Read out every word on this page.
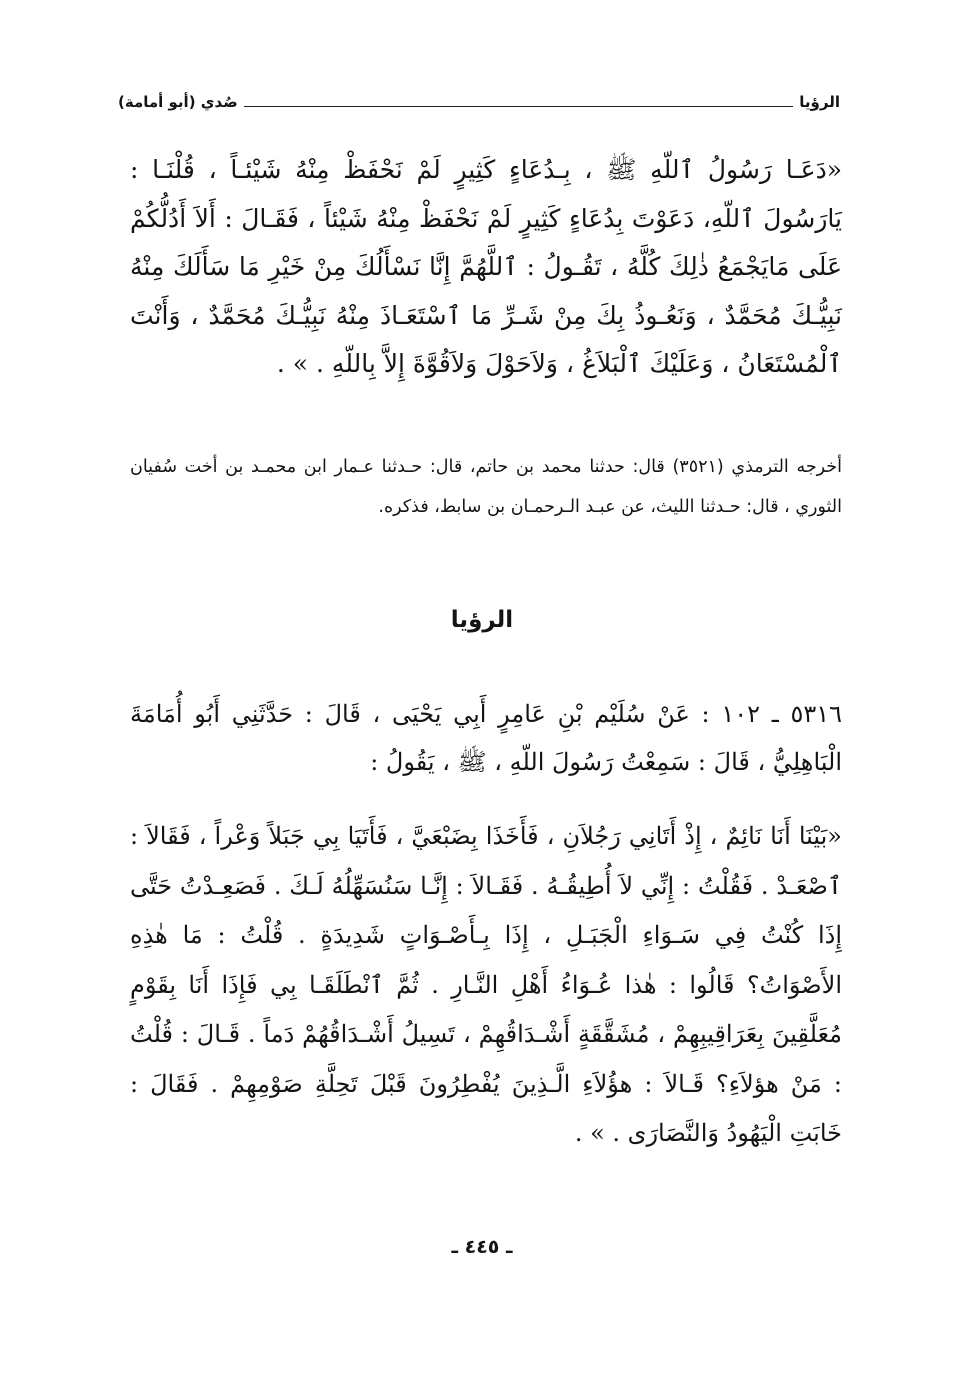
الرؤيا
صُدي (أبو أمامة)
«دَعَـا رَسُولُ ٱللّهِ ﷺ ، بِـدُعَاءٍ كَثِيرٍ لَمْ نَحْفَظْ مِنْهُ شَيْئـاً ، قُلْنَـا : يَارَسُولَ ٱللّهِ، دَعَوْتَ بِدُعَاءٍ كَثِيرٍ لَمْ نَحْفَظْ مِنْهُ شَيْئاً ، فَقَـالَ : أَلاَ أَدُلُّكُمْ عَلَى مَايَجْمَعُ ذٰلِكَ كُلَّهُ ، تَقُـولُ : ٱللَّهُمَّ إِنَّا نَسْأَلُكَ مِنْ خَيْرِ مَا سَأَلَكَ مِنْهُ نَبِيُّـكَ مُحَمَّدٌ ، وَنَعُـوذُ بِكَ مِنْ شَـرِّ مَا ٱسْتَعَـاذَ مِنْهُ نَبِيُّـكَ مُحَمَّدٌ ، وَأَنْتَ ٱلْمُسْتَعَانُ ، وَعَلَيْكَ ٱلْبَلاَغُ ، وَلاَحَوْلَ وَلاَقُوَّةَ إِلاَّ بِاللّهِ . » .
أخرجه الترمذي (٣٥٢١) قال: حدثنا محمد بن حاتم، قال: حـدثنا عـمار ابن محمـد بن أخت سُفيان الثوري ، قال: حـدثنا الليث، عن عبـد الـرحمـان بن سابط، فذكره.
الرؤيا
٥٣١٦ ـ ١٠٢ : عَنْ سُلَيْم بْنِ عَامِرٍ أَبِي يَحْيَى ، قَالَ : حَدَّثَنِي أَبُو أُمَامَةَ الْبَاهِلِيُّ ، قَالَ : سَمِعْتُ رَسُولَ اللّهِ ، ﷺ ، يَقُولُ :
«بَيْنَا أَنَا نَائِمٌ ، إِذْ أَتَانِي رَجُلاَنِ ، فَأَخَذَا بِضَبْعَيَّ ، فَأَتَيَا بِي جَبَلاً وَعْراً ، فَقَالاَ : ٱصْعَـدْ . فَقُلْتُ : إِنِّي لاَ أُطِيقُـهُ . فَقَـالاَ : إِنَّـا سَنُسَهِّلُهُ لَـكَ . فَصَعِـدْتُ حَتَّى إِذَا كُنْتُ فِي سَـوَاءِ الْجَبَـلِ ، إِذَا بِـأَصْـوَاتٍ شَدِيدَةٍ . قُلْتُ : مَا هٰذِهِ الأَصْوَاتُ؟ قَالُوا : هٰذا عُـوَاءُ أَهْلِ النَّـارِ . ثُمَّ ٱنْطَلَقَـا بِي فَإِذَا أَنَا بِقَوْمٍ مُعَلَّقِينَ بِعَرَاقِيبِهِمْ ، مُشَقَّقَةٍ أَشْـدَاقُهِمْ ، تَسِيلُ أَشْـدَاقُهُمْ دَماً . قَـالَ : قُلْتُ : مَنْ هؤلاَءِ؟ قَـالاَ : هؤُلاَءِ الَّـذِينَ يُفْطِرُونَ قَبْلَ تَحِلَّةِ صَوْمِهِمْ . فَقَالَ : خَابَتِ الْيَهُودُ وَالنَّصَارَى . » .
ـ ٤٤٥ ـ
